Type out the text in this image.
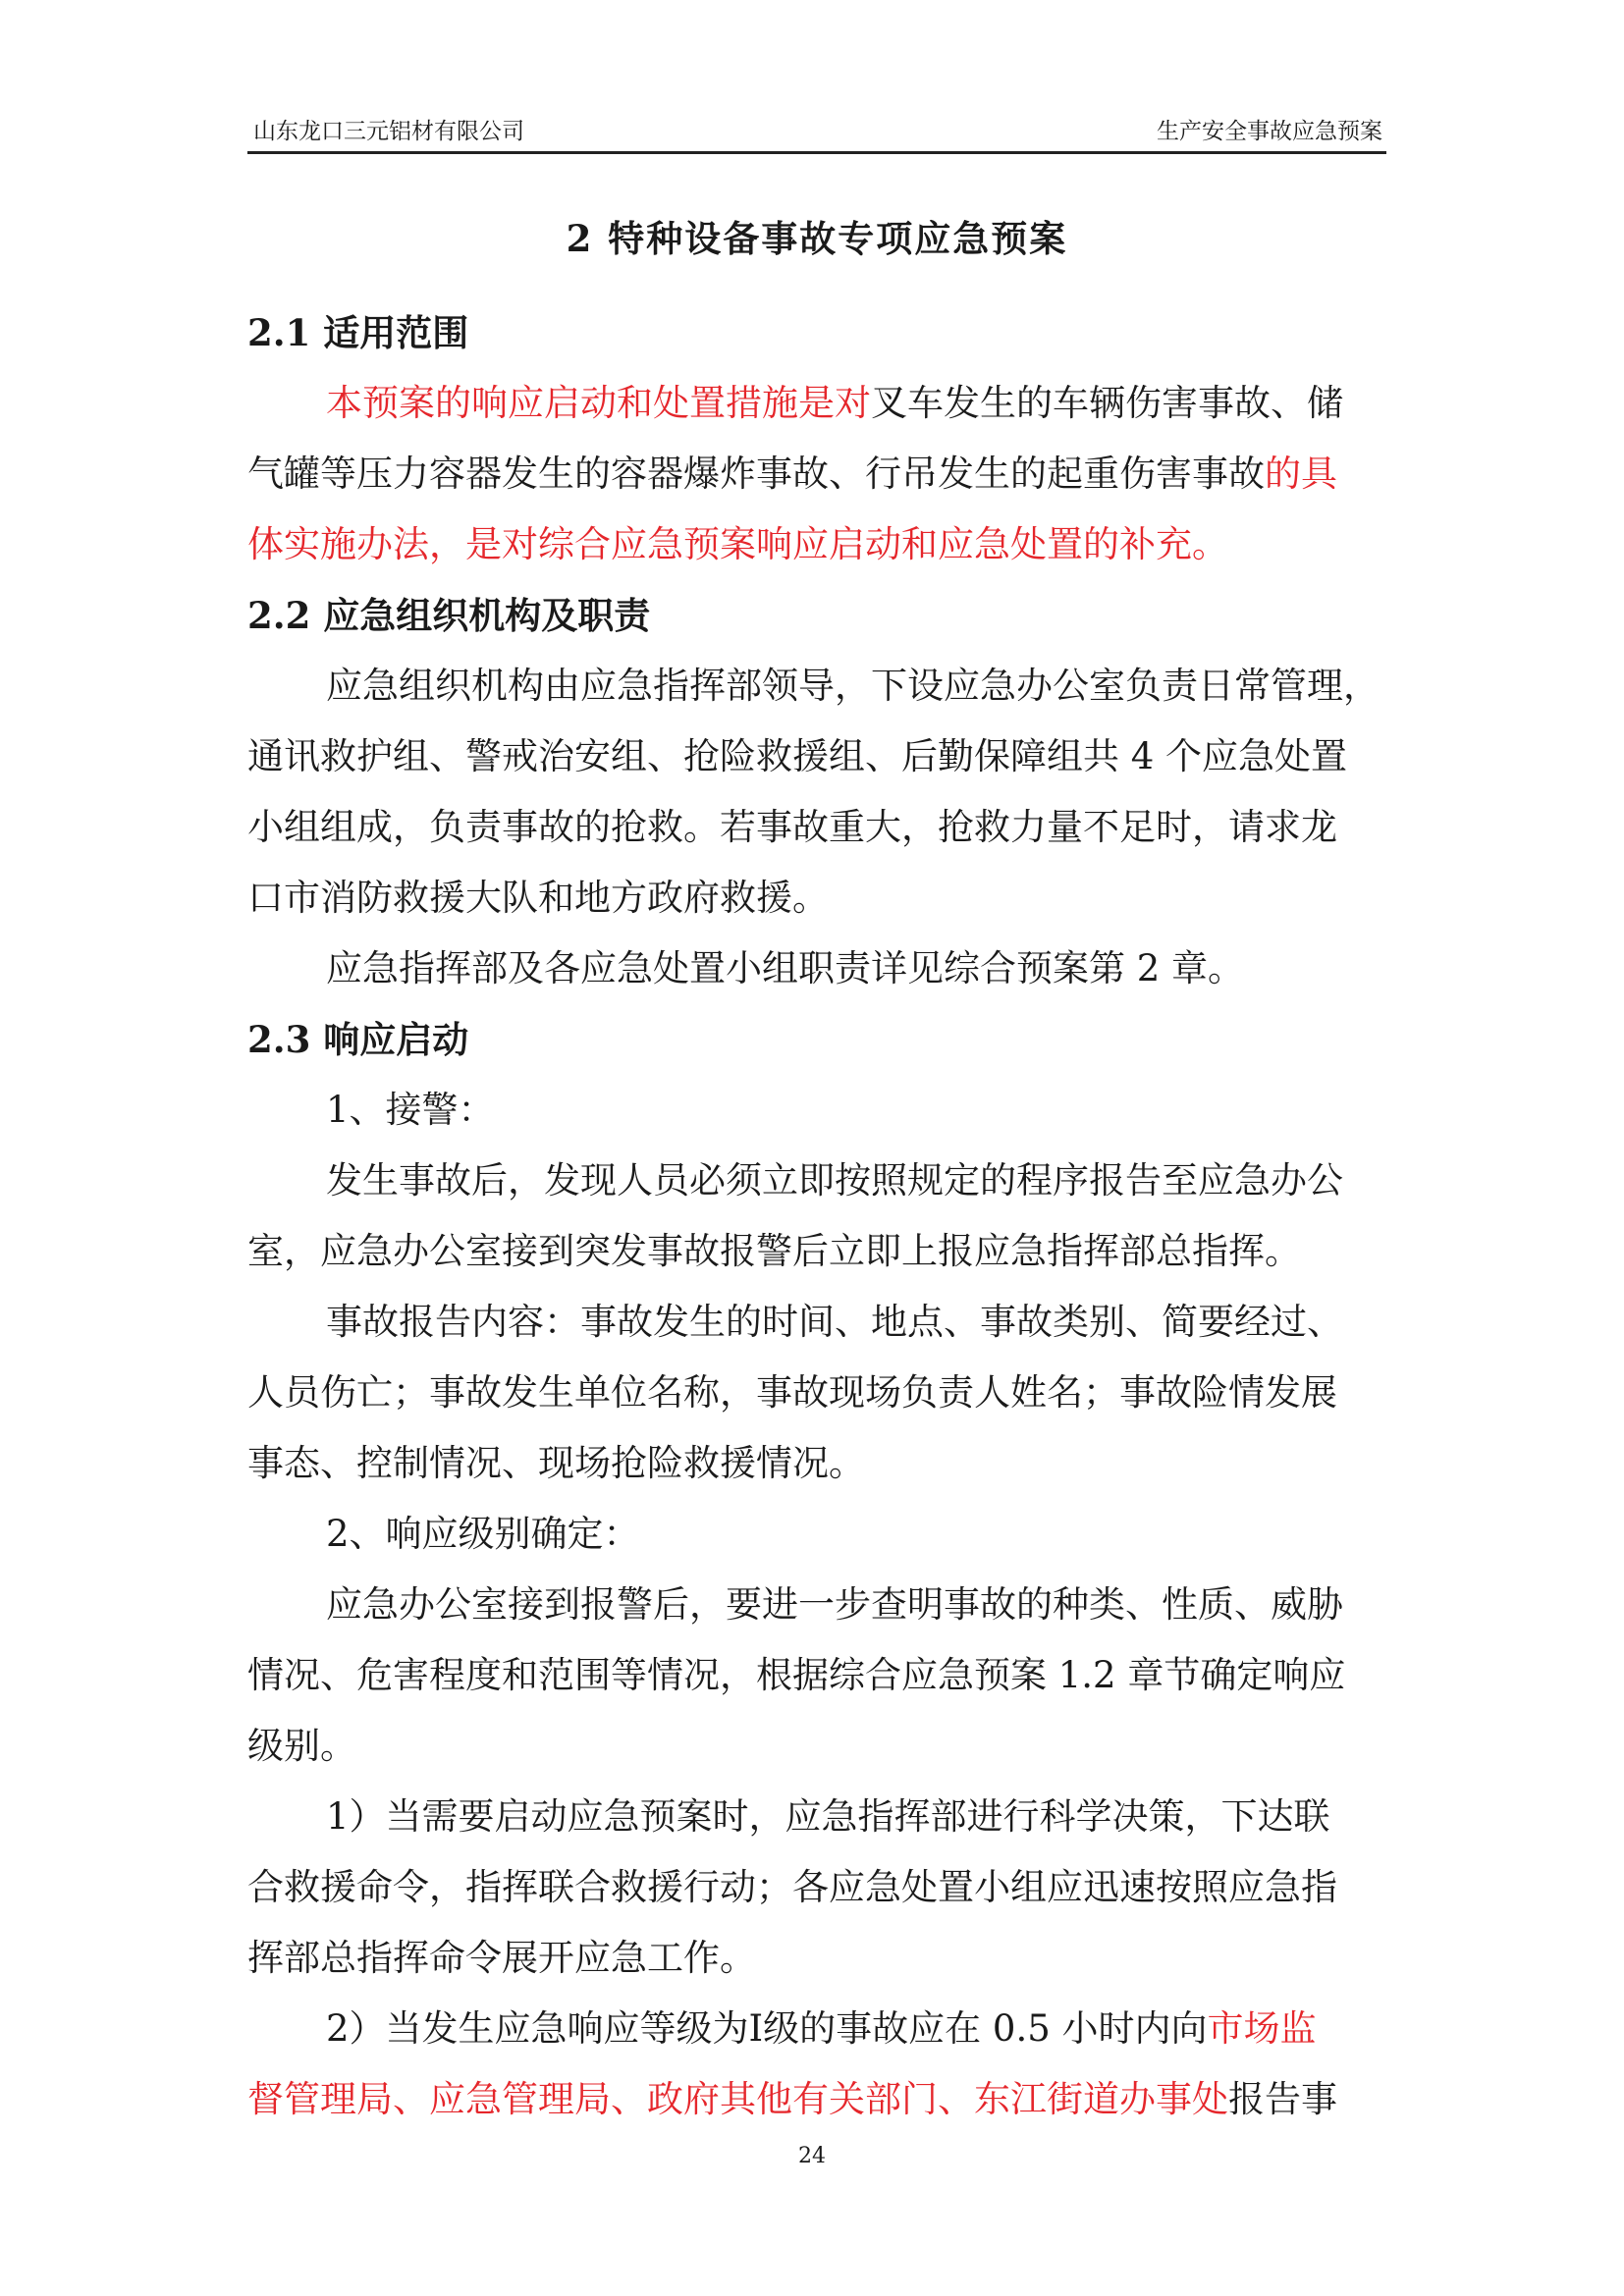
山东龙口三元铝材有限公司	生产安全事故应急预案
2 特种设备事故专项应急预案
2.1 适用范围
本预案的响应启动和处置措施是对叉车发生的车辆伤害事故、储
气罐等压力容器发生的容器爆炸事故、行吊发生的起重伤害事故的具
体实施办法，是对综合应急预案响应启动和应急处置的补充。
2.2 应急组织机构及职责
应急组织机构由应急指挥部领导，下设应急办公室负责日常管理，
通讯救护组、警戒治安组、抢险救援组、后勤保障组共 4 个应急处置
小组组成，负责事故的抢救。若事故重大，抢救力量不足时，请求龙
口市消防救援大队和地方政府救援。
应急指挥部及各应急处置小组职责详见综合预案第 2 章。
2.3 响应启动
1、接警：
发生事故后，发现人员必须立即按照规定的程序报告至应急办公
室，应急办公室接到突发事故报警后立即上报应急指挥部总指挥。
事故报告内容：事故发生的时间、地点、事故类别、简要经过、
人员伤亡；事故发生单位名称，事故现场负责人姓名；事故险情发展
事态、控制情况、现场抢险救援情况。
2、响应级别确定：
应急办公室接到报警后，要进一步查明事故的种类、性质、威胁
情况、危害程度和范围等情况，根据综合应急预案 1.2 章节确定响应
级别。
1）当需要启动应急预案时，应急指挥部进行科学决策，下达联
合救援命令，指挥联合救援行动；各应急处置小组应迅速按照应急指
挥部总指挥命令展开应急工作。
2）当发生应急响应等级为Ⅰ级的事故应在 0.5 小时内向市场监
督管理局、应急管理局、政府其他有关部门、东江街道办事处报告事
24
